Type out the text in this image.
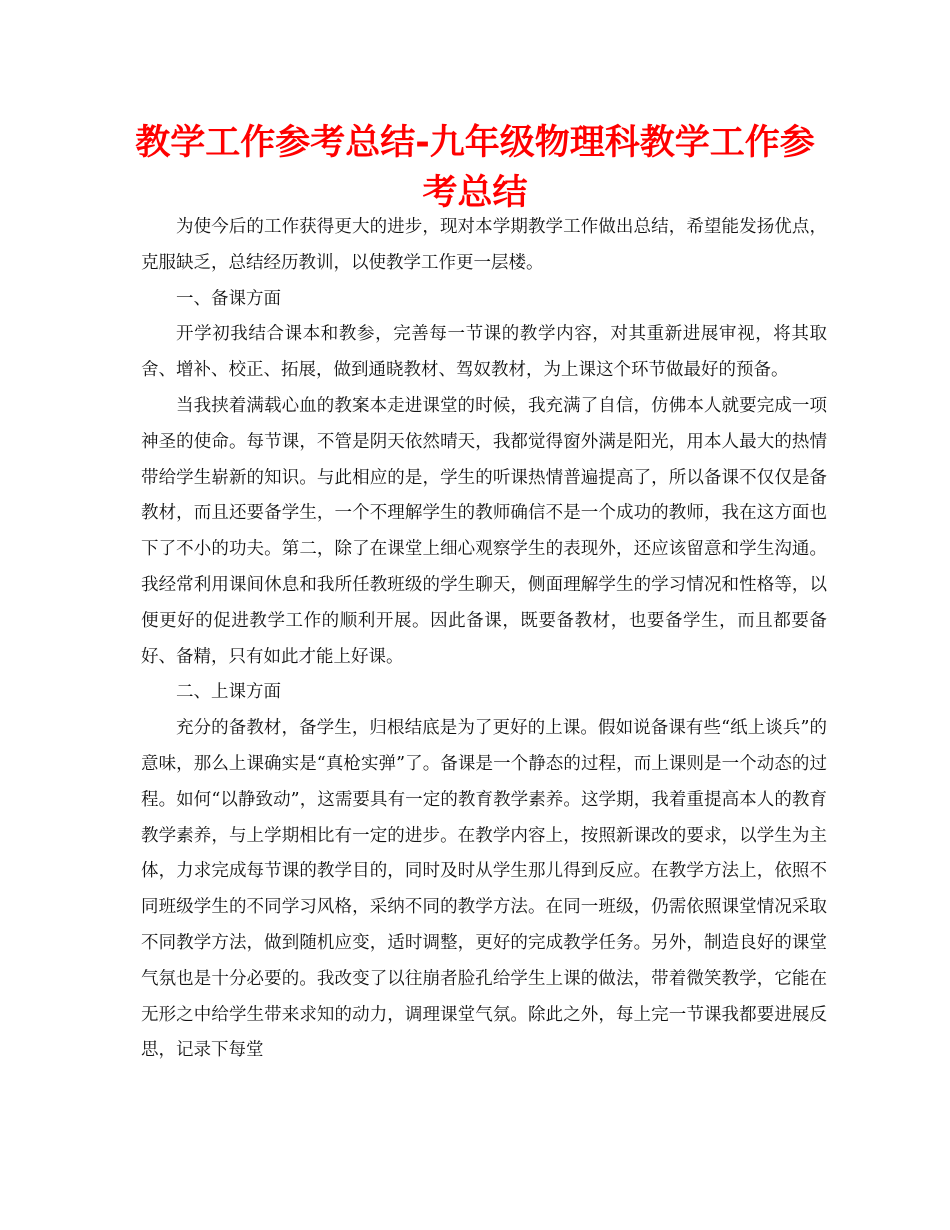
教学工作参考总结-九年级物理科教学工作参考总结

为使今后的工作获得更大的进步，现对本学期教学工作做出总结，希望能发扬优点，克服缺乏，总结经历教训，以使教学工作更一层楼。

一、备课方面

开学初我结合课本和教参，完善每一节课的教学内容，对其重新进展审视，将其取舍、增补、校正、拓展，做到通晓教材、驾奴教材，为上课这个环节做最好的预备。

当我挟着满载心血的教案本走进课堂的时候，我充满了自信，仿佛本人就要完成一项神圣的使命。每节课，不管是阴天依然晴天，我都觉得窗外满是阳光，用本人最大的热情带给学生崭新的知识。与此相应的是，学生的听课热情普遍提高了，所以备课不仅仅是备教材，而且还要备学生，一个不理解学生的教师确信不是一个成功的教师，我在这方面也下了不小的功夫。第二，除了在课堂上细心观察学生的表现外，还应该留意和学生沟通。我经常利用课间休息和我所任教班级的学生聊天，侧面理解学生的学习情况和性格等，以便更好的促进教学工作的顺利开展。因此备课，既要备教材，也要备学生，而且都要备好、备精，只有如此才能上好课。

二、上课方面

充分的备教材，备学生，归根结底是为了更好的上课。假如说备课有些“纸上谈兵”的意味，那么上课确实是“真枪实弹”了。备课是一个静态的过程，而上课则是一个动态的过程。如何“以静致动”，这需要具有一定的教育教学素养。这学期，我着重提高本人的教育教学素养，与上学期相比有一定的进步。在教学内容上，按照新课改的要求，以学生为主体，力求完成每节课的教学目的，同时及时从学生那儿得到反应。在教学方法上，依照不同班级学生的不同学习风格，采纳不同的教学方法。在同一班级，仍需依照课堂情况采取不同教学方法，做到随机应变，适时调整，更好的完成教学任务。另外，制造良好的课堂气氛也是十分必要的。我改变了以往崩者脸孔给学生上课的做法，带着微笑教学，它能在无形之中给学生带来求知的动力，调理课堂气氛。除此之外，每上完一节课我都要进展反思，记录下每堂
